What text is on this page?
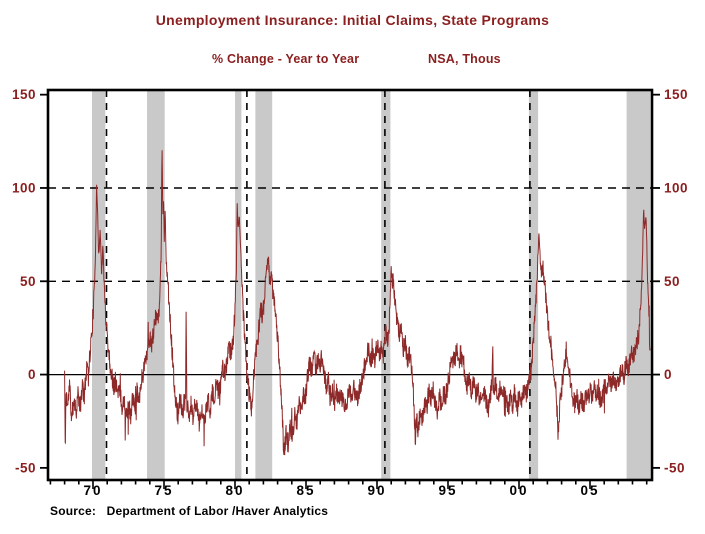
Unemployment Insurance: Initial Claims, State Programs
% Change - Year to Year	NSA, Thous
150	150
100	100
50	50
0	0
-50	-50
70	75	80	85	90	95	00	05
Source:   Department of Labor /Haver Analytics
